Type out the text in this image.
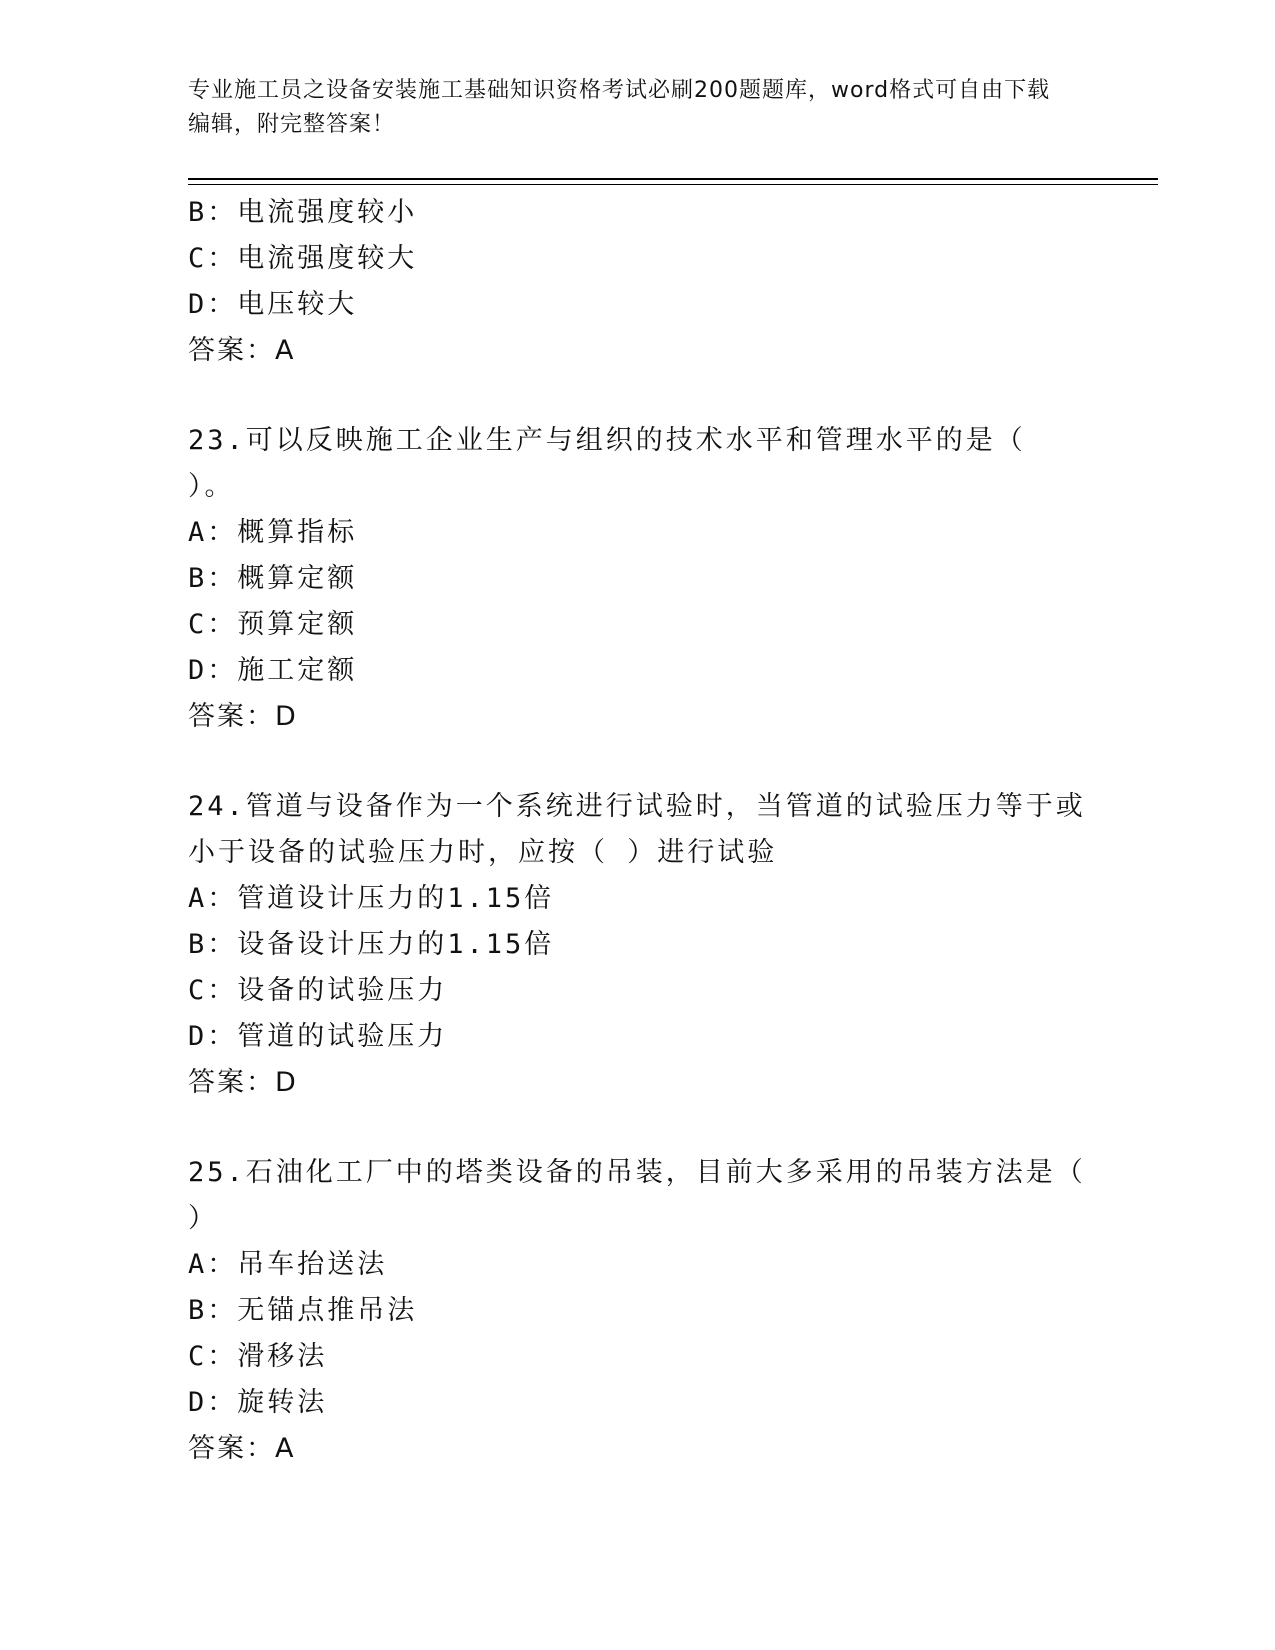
专业施工员之设备安装施工基础知识资格考试必刷200题题库，word格式可自由下载编辑，附完整答案！

B：电流强度较小

C：电流强度较大

D：电压较大

答案：A

23.可以反映施工企业生产与组织的技术水平和管理水平的是（ ）。

A：概算指标

B：概算定额

C：预算定额

D：施工定额

答案：D

24.管道与设备作为一个系统进行试验时，当管道的试验压力等于或小于设备的试验压力时，应按（ ）进行试验

A：管道设计压力的1.15倍

B：设备设计压力的1.15倍

C：设备的试验压力

D：管道的试验压力

答案：D

25.石油化工厂中的塔类设备的吊装，目前大多采用的吊装方法是（ ）

A：吊车抬送法

B：无锚点推吊法

C：滑移法

D：旋转法

答案：A
